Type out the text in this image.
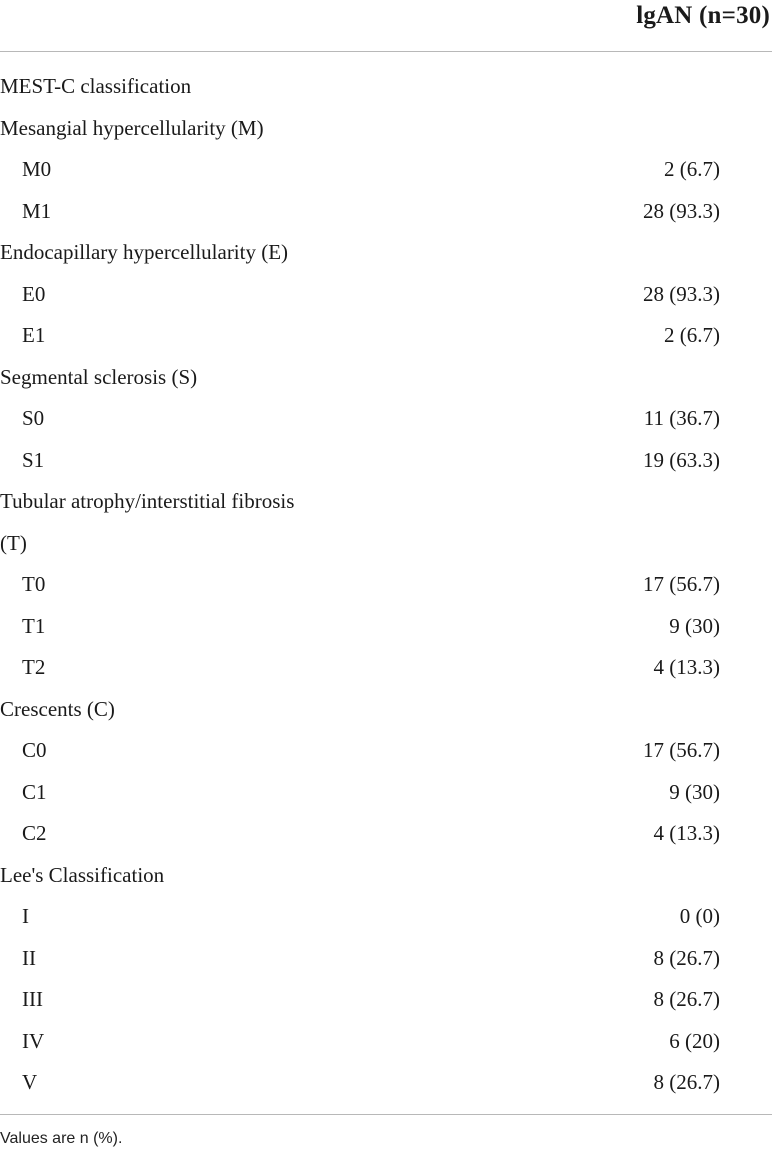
lgAN (n=30)
MEST-C classification
Mesangial hypercellularity (M)
M0	2 (6.7)
M1	28 (93.3)
Endocapillary hypercellularity (E)
E0	28 (93.3)
E1	2 (6.7)
Segmental sclerosis (S)
S0	11 (36.7)
S1	19 (63.3)
Tubular atrophy/interstitial fibrosis
(T)
T0	17 (56.7)
T1	9 (30)
T2	4 (13.3)
Crescents (C)
C0	17 (56.7)
C1	9 (30)
C2	4 (13.3)
Lee's Classification
I	0 (0)
II	8 (26.7)
III	8 (26.7)
IV	6 (20)
V	8 (26.7)
Values are n (%).
